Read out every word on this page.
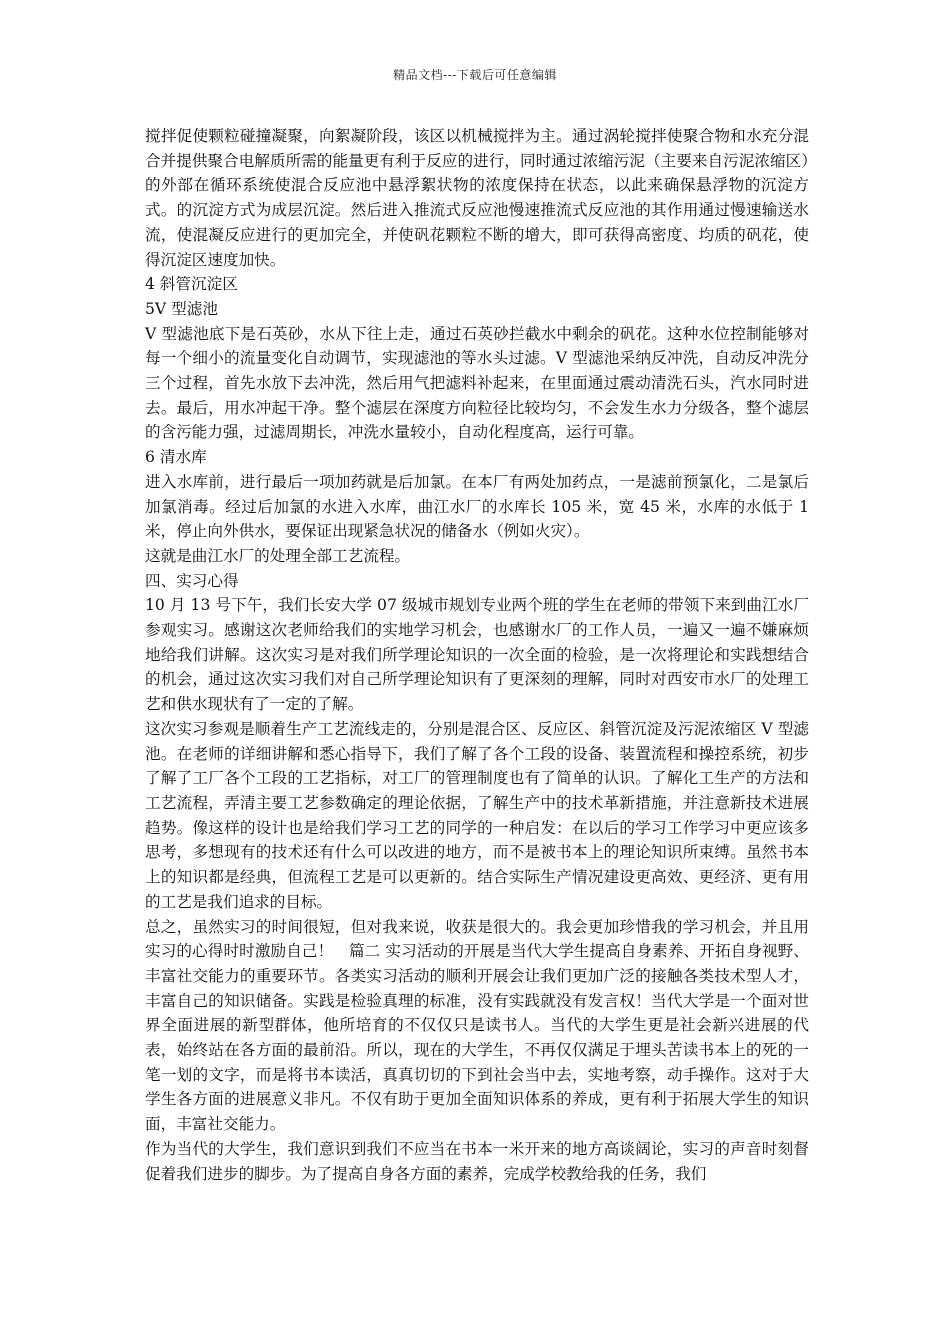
精品文档---下载后可任意编辑

搅拌促使颗粒碰撞凝聚，向絮凝阶段，该区以机械搅拌为主。通过涡轮搅拌使聚合物和水充分混合并提供聚合电解质所需的能量更有利于反应的进行，同时通过浓缩污泥（主要来自污泥浓缩区）的外部在循环系统使混合反应池中悬浮絮状物的浓度保持在状态，以此来确保悬浮物的沉淀方式。的沉淀方式为成层沉淀。然后进入推流式反应池慢速推流式反应池的其作用通过慢速输送水流，使混凝反应进行的更加完全，并使矾花颗粒不断的增大，即可获得高密度、均质的矾花，使得沉淀区速度加快。

4 斜管沉淀区

5V 型滤池

V 型滤池底下是石英砂，水从下往上走，通过石英砂拦截水中剩余的矾花。这种水位控制能够对每一个细小的流量变化自动调节，实现滤池的等水头过滤。V 型滤池采纳反冲洗，自动反冲洗分三个过程，首先水放下去冲洗，然后用气把滤料补起来，在里面通过震动清洗石头，汽水同时进去。最后，用水冲起干净。整个滤层在深度方向粒径比较均匀，不会发生水力分级各，整个滤层的含污能力强，过滤周期长，冲洗水量较小，自动化程度高，运行可靠。

6 清水库

进入水库前，进行最后一项加药就是后加氯。在本厂有两处加药点，一是滤前预氯化，二是氯后加氯消毒。经过后加氯的水进入水库，曲江水厂的水库长 105 米，宽 45 米，水库的水低于 1 米，停止向外供水，要保证出现紧急状况的储备水（例如火灾）。

这就是曲江水厂的处理全部工艺流程。

四、实习心得

10 月 13 号下午，我们长安大学 07 级城市规划专业两个班的学生在老师的带领下来到曲江水厂参观实习。感谢这次老师给我们的实地学习机会，也感谢水厂的工作人员，一遍又一遍不嫌麻烦地给我们讲解。这次实习是对我们所学理论知识的一次全面的检验，是一次将理论和实践想结合的机会，通过这次实习我们对自己所学理论知识有了更深刻的理解，同时对西安市水厂的处理工艺和供水现状有了一定的了解。

这次实习参观是顺着生产工艺流线走的，分别是混合区、反应区、斜管沉淀及污泥浓缩区 V 型滤池。在老师的详细讲解和悉心指导下，我们了解了各个工段的设备、装置流程和操控系统，初步了解了工厂各个工段的工艺指标，对工厂的管理制度也有了简单的认识。了解化工生产的方法和工艺流程，弄清主要工艺参数确定的理论依据，了解生产中的技术革新措施，并注意新技术进展趋势。像这样的设计也是给我们学习工艺的同学的一种启发：在以后的学习工作学习中更应该多思考，多想现有的技术还有什么可以改进的地方，而不是被书本上的理论知识所束缚。虽然书本上的知识都是经典，但流程工艺是可以更新的。结合实际生产情况建设更高效、更经济、更有用的工艺是我们追求的目标。

总之，虽然实习的时间很短，但对我来说，收获是很大的。我会更加珍惜我的学习机会，并且用实习的心得时时激励自己！　篇二 实习活动的开展是当代大学生提高自身素养、开拓自身视野、丰富社交能力的重要环节。各类实习活动的顺利开展会让我们更加广泛的接触各类技术型人才，丰富自己的知识储备。实践是检验真理的标准，没有实践就没有发言权！当代大学是一个面对世界全面进展的新型群体，他所培育的不仅仅只是读书人。当代的大学生更是社会新兴进展的代表，始终站在各方面的最前沿。所以，现在的大学生，不再仅仅满足于埋头苦读书本上的死的一笔一划的文字，而是将书本读活，真真切切的下到社会当中去，实地考察，动手操作。这对于大学生各方面的进展意义非凡。不仅有助于更加全面知识体系的养成，更有利于拓展大学生的知识面，丰富社交能力。

作为当代的大学生，我们意识到我们不应当在书本一米开来的地方高谈阔论，实习的声音时刻督促着我们进步的脚步。为了提高自身各方面的素养，完成学校教给我的任务，我们
